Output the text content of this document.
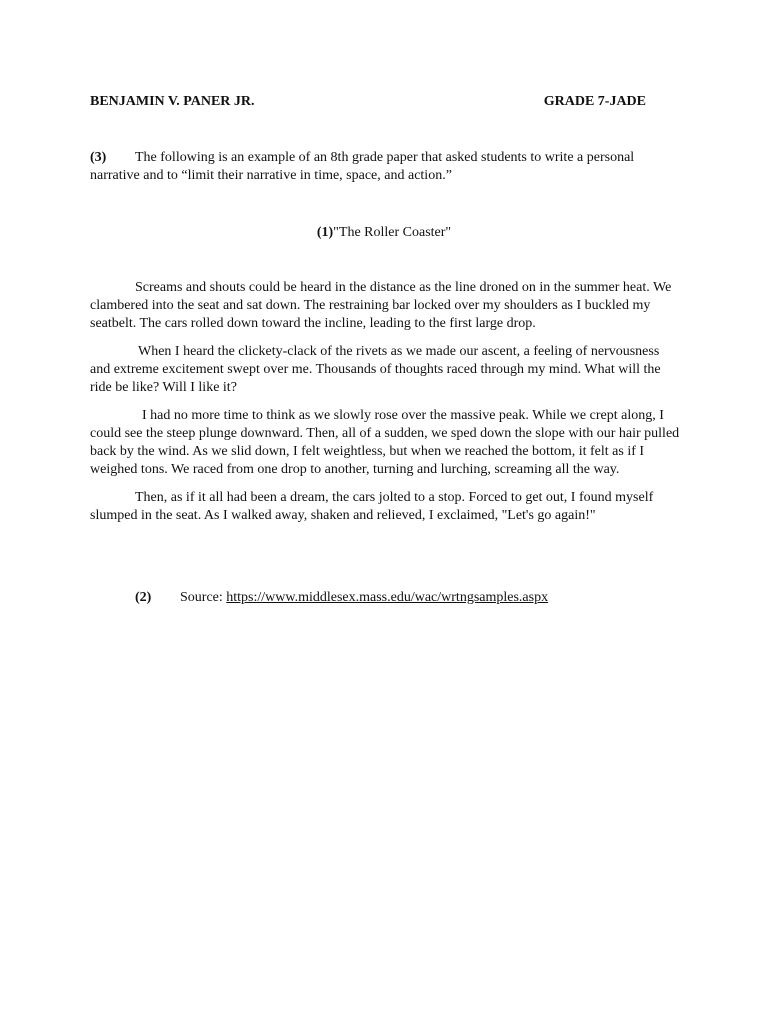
BENJAMIN V. PANER JR.	GRADE 7-JADE
(3) The following is an example of an 8th grade paper that asked students to write a personal narrative and to “limit their narrative in time, space, and action.”
(1)"The Roller Coaster"

Screams and shouts could be heard in the distance as the line droned on in the summer heat. We clambered into the seat and sat down. The restraining bar locked over my shoulders as I buckled my seatbelt. The cars rolled down toward the incline, leading to the first large drop.

When I heard the clickety-clack of the rivets as we made our ascent, a feeling of nervousness and extreme excitement swept over me. Thousands of thoughts raced through my mind. What will the ride be like? Will I like it?

I had no more time to think as we slowly rose over the massive peak. While we crept along, I could see the steep plunge downward. Then, all of a sudden, we sped down the slope with our hair pulled back by the wind. As we slid down, I felt weightless, but when we reached the bottom, it felt as if I weighed tons. We raced from one drop to another, turning and lurching, screaming all the way.

Then, as if it all had been a dream, the cars jolted to a stop. Forced to get out, I found myself slumped in the seat. As I walked away, shaken and relieved, I exclaimed, "Let's go again!"

(2) Source: https://www.middlesex.mass.edu/wac/wrtngsamples.aspx
